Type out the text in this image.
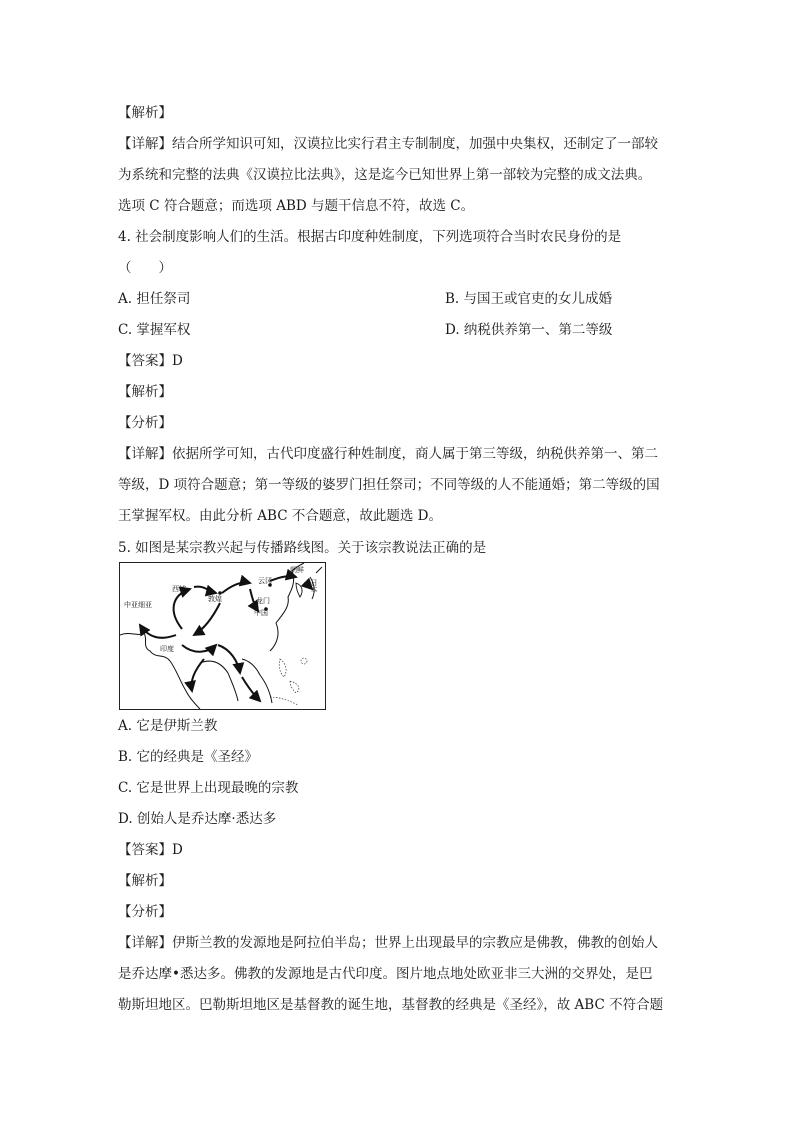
【解析】
【详解】结合所学知识可知，汉谟拉比实行君主专制制度，加强中央集权，还制定了一部较
为系统和完整的法典《汉谟拉比法典》，这是迄今已知世界上第一部较为完整的成文法典。
选项 C 符合题意；而选项 ABD 与题干信息不符，故选 C。
4. 社会制度影响人们的生活。根据古印度种姓制度，下列选项符合当时农民身份的是
（　　）
A. 担任祭司	B. 与国王或官吏的女儿成婚
C. 掌握军权	D. 纳税供养第一、第二等级
【答案】D
【解析】
【分析】
【详解】依据所学可知，古代印度盛行种姓制度，商人属于第三等级，纳税供养第一、第二
等级，D 项符合题意；第一等级的婆罗门担任祭司；不同等级的人不能通婚；第二等级的国
王掌握军权。由此分析 ABC 不合题意，故此题选 D。
5. 如图是某宗教兴起与传播路线图。关于该宗教说法正确的是
中亚细亚
西域
敦煌
云冈
龙门
中国
印度
朝鲜
日本
A. 它是伊斯兰教
B. 它的经典是《圣经》
C. 它是世界上出现最晚的宗教
D. 创始人是乔达摩·悉达多
【答案】D
【解析】
【分析】
【详解】伊斯兰教的发源地是阿拉伯半岛；世界上出现最早的宗教应是佛教，佛教的创始人
是乔达摩•悉达多。佛教的发源地是古代印度。图片地点地处欧亚非三大洲的交界处，是巴
勒斯坦地区。巴勒斯坦地区是基督教的诞生地，基督教的经典是《圣经》，故 ABC 不符合题
